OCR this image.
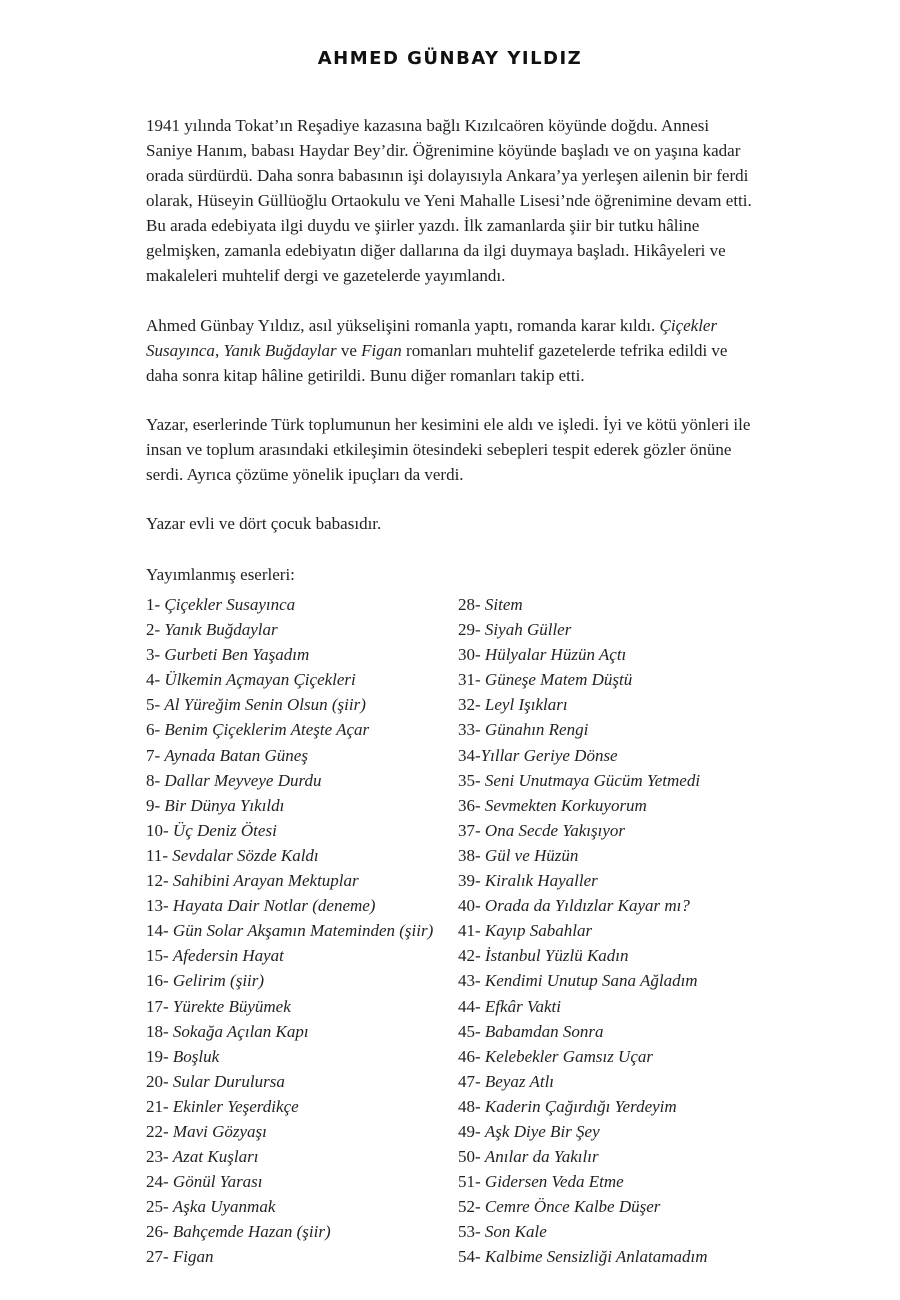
AHMED GÜNBAY YILDIZ

1941 yılında Tokat’ın Reşadiye kazasına bağlı Kızılcaören köyünde doğdu. Annesi Saniye Hanım, babası Haydar Bey’dir. Öğrenimine köyünde başladı ve on yaşına kadar orada sürdürdü. Daha sonra babasının işi dolayısıyla Ankara’ya yerleşen ailenin bir ferdi olarak, Hüseyin Güllüoğlu Ortaokulu ve Yeni Mahalle Lisesi’nde öğrenimine devam etti. Bu arada edebiyata ilgi duydu ve şiirler yazdı. İlk zamanlarda şiir bir tutku hâline gelmişken, zamanla edebiyatın diğer dallarına da ilgi duymaya başladı. Hikâyeleri ve makaleleri muhtelif dergi ve gazetelerde yayımlandı.

Ahmed Günbay Yıldız, asıl yükselişini romanla yaptı, romanda karar kıldı. Çiçekler Susayınca, Yanık Buğdaylar ve Figan romanları muhtelif gazetelerde tefrika edildi ve daha sonra kitap hâline getirildi. Bunu diğer romanları takip etti.

Yazar, eserlerinde Türk toplumunun her kesimini ele aldı ve işledi. İyi ve kötü yönleri ile insan ve toplum arasındaki etkileşimin ötesindeki sebepleri tespit ederek gözler önüne serdi. Ayrıca çözüme yönelik ipuçları da verdi.

Yazar evli ve dört çocuk babasıdır.

Yayımlanmış eserleri:
1- Çiçekler Susayınca
2- Yanık Buğdaylar
3- Gurbeti Ben Yaşadım
4- Ülkemin Açmayan Çiçekleri
5- Al Yüreğim Senin Olsun (şiir)
6- Benim Çiçeklerim Ateşte Açar
7- Aynada Batan Güneş
8- Dallar Meyveye Durdu
9- Bir Dünya Yıkıldı
10- Üç Deniz Ötesi
11- Sevdalar Sözde Kaldı
12- Sahibini Arayan Mektuplar
13- Hayata Dair Notlar (deneme)
14- Gün Solar Akşamın Mateminden (şiir)
15- Afedersin Hayat
16- Gelirim (şiir)
17- Yürekte Büyümek
18- Sokağa Açılan Kapı
19- Boşluk
20- Sular Durulursa
21- Ekinler Yeşerdikçe
22- Mavi Gözyaşı
23- Azat Kuşları
24- Gönül Yarası
25- Aşka Uyanmak
26- Bahçemde Hazan (şiir)
27- Figan
28- Sitem
29- Siyah Güller
30- Hülyalar Hüzün Açtı
31- Güneşe Matem Düştü
32- Leyl Işıkları
33- Günahın Rengi
34-Yıllar Geriye Dönse
35- Seni Unutmaya Gücüm Yetmedi
36- Sevmekten Korkuyorum
37- Ona Secde Yakışıyor
38- Gül ve Hüzün
39- Kiralık Hayaller
40- Orada da Yıldızlar Kayar mı?
41- Kayıp Sabahlar
42- İstanbul Yüzlü Kadın
43- Kendimi Unutup Sana Ağladım
44- Efkâr Vakti
45- Babamdan Sonra
46- Kelebekler Gamsız Uçar
47- Beyaz Atlı
48- Kaderin Çağırdığı Yerdeyim
49- Aşk Diye Bir Şey
50- Anılar da Yakılır
51- Gidersen Veda Etme
52- Cemre Önce Kalbe Düşer
53- Son Kale
54- Kalbime Sensizliği Anlatamadım
